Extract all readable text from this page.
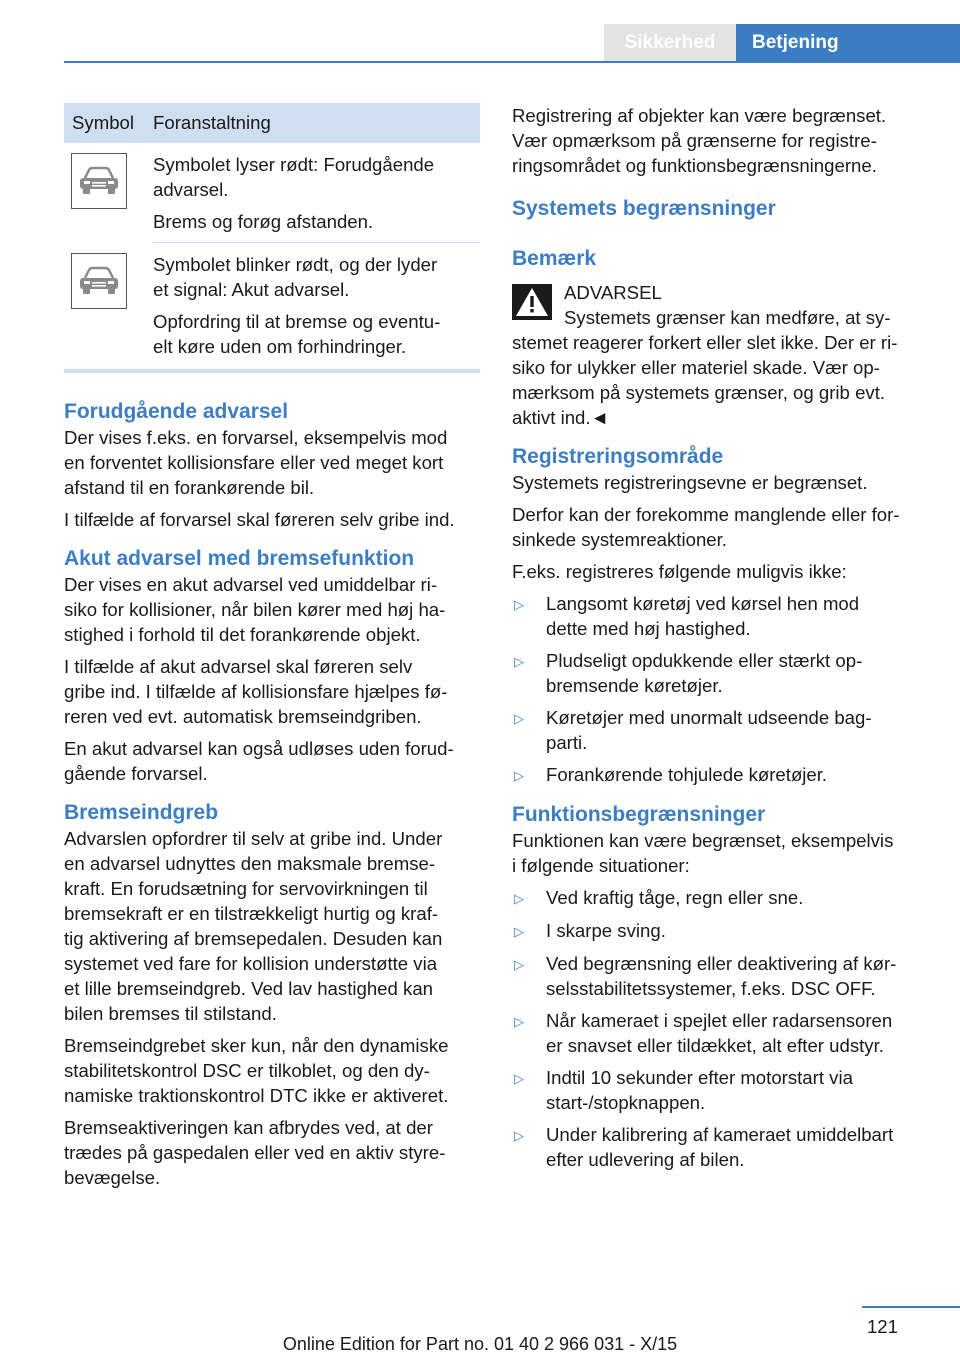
Sikkerhed	Betjening
Symbol	Foranstaltning

Symbolet lyser rødt: Forudgående
advarsel.

Brems og forøg afstanden.

Symbolet blinker rødt, og der lyder
et signal: Akut advarsel.

Opfordring til at bremse og eventu-
elt køre uden om forhindringer.

Forudgående advarsel

Der vises f.eks. en forvarsel, eksempelvis mod
en forventet kollisionsfare eller ved meget kort
afstand til en forankørende bil.

I tilfælde af forvarsel skal føreren selv gribe ind.

Akut advarsel med bremsefunktion

Der vises en akut advarsel ved umiddelbar ri-
siko for kollisioner, når bilen kører med høj ha-
stighed i forhold til det forankørende objekt.

I tilfælde af akut advarsel skal føreren selv
gribe ind. I tilfælde af kollisionsfare hjælpes fø-
reren ved evt. automatisk bremseindgriben.

En akut advarsel kan også udløses uden forud-
gående forvarsel.

Bremseindgreb

Advarslen opfordrer til selv at gribe ind. Under
en advarsel udnyttes den maksmale bremse-
kraft. En forudsætning for servovirkningen til
bremsekraft er en tilstrækkeligt hurtig og kraf-
tig aktivering af bremsepedalen. Desuden kan
systemet ved fare for kollision understøtte via
et lille bremseindgreb. Ved lav hastighed kan
bilen bremses til stilstand.

Bremseindgrebet sker kun, når den dynamiske
stabilitetskontrol DSC er tilkoblet, og den dy-
namiske traktionskontrol DTC ikke er aktiveret.

Bremseaktiveringen kan afbrydes ved, at der
trædes på gaspedalen eller ved en aktiv styre-
bevægelse.

Registrering af objekter kan være begrænset.
Vær opmærksom på grænserne for registre-
ringsområdet og funktionsbegrænsningerne.

Systemets begrænsninger
Bemærk

ADVARSEL

Systemets grænser kan medføre, at sy-

stemet reagerer forkert eller slet ikke. Der er ri-
siko for ulykker eller materiel skade. Vær op-
mærksom på systemets grænser, og grib evt.
aktivt ind.◄

Registreringsområde

Systemets registreringsevne er begrænset.

Derfor kan der forekomme manglende eller for-
sinkede systemreaktioner.

F.eks. registreres følgende muligvis ikke:

▷	Langsomt køretøj ved kørsel hen mod
dette med høj hastighed.
▷	Pludseligt opdukkende eller stærkt op-
bremsende køretøjer.
▷	Køretøjer med unormalt udseende bag-
parti.
▷	Forankørende tohjulede køretøjer.
Funktionsbegrænsninger

Funktionen kan være begrænset, eksempelvis
i følgende situationer:

▷	Ved kraftig tåge, regn eller sne.
▷	I skarpe sving.
▷	Ved begrænsning eller deaktivering af kør-
selsstabilitetssystemer, f.eks. DSC OFF.
▷	Når kameraet i spejlet eller radarsensoren
er snavset eller tildækket, alt efter udstyr.
▷	Indtil 10 sekunder efter motorstart via
start-/stopknappen.
▷	Under kalibrering af kameraet umiddelbart
efter udlevering af bilen.
121
Online Edition for Part no. 01 40 2 966 031 - X/15
